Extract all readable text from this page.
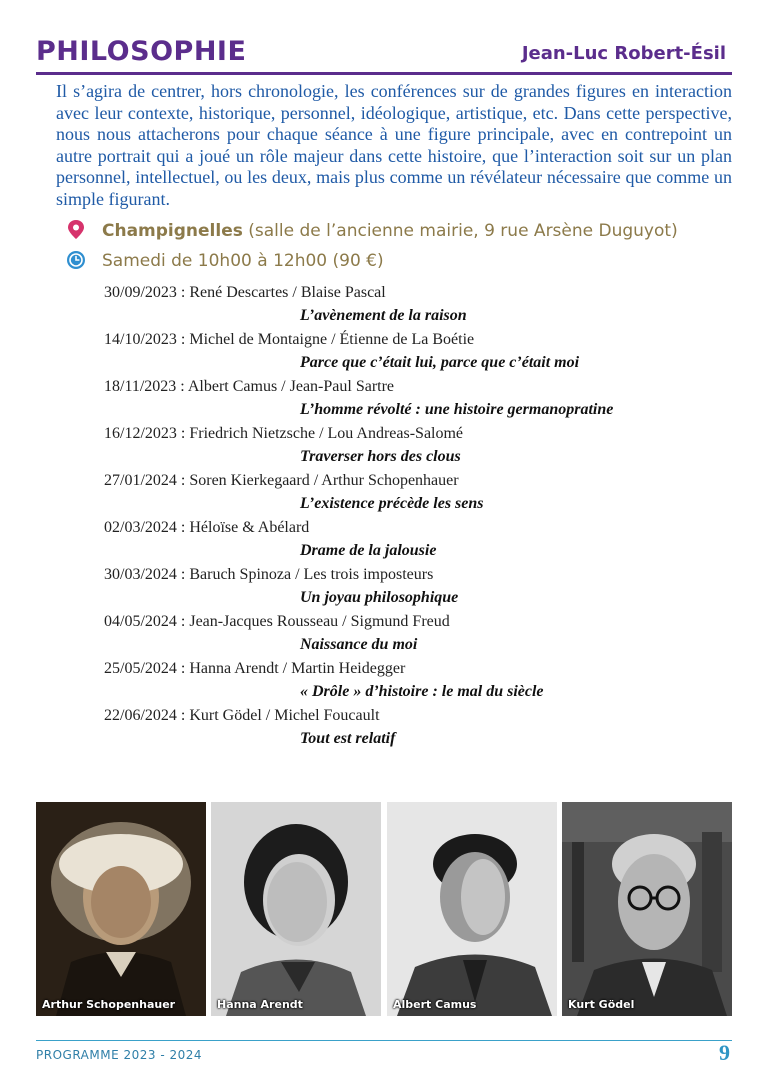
PHILOSOPHIE	Jean-Luc Robert-Ésil

Il s’agira de centrer, hors chronologie, les conférences sur de grandes figures en interaction avec leur contexte, historique, personnel, idéologique, artistique, etc. Dans cette perspective, nous nous attacherons pour chaque séance à une figure principale, avec en contrepoint un autre portrait qui a joué un rôle majeur dans cette histoire, que l’interaction soit sur un plan personnel, intellectuel, ou les deux, mais plus comme un révélateur nécessaire que comme un simple figurant.

Champignelles (salle de l’ancienne mairie, 9 rue Arsène Duguyot)
Samedi de 10h00 à 12h00 (90 €)
30/09/2023 : René Descartes / Blaise Pascal
L’avènement de la raison
14/10/2023 : Michel de Montaigne / Étienne de La Boétie
Parce que c’était lui, parce que c’était moi
18/11/2023 : Albert Camus / Jean-Paul Sartre
L’homme révolté : une histoire germanopratine
16/12/2023 : Friedrich Nietzsche / Lou Andreas-Salomé
Traverser hors des clous
27/01/2024 : Soren Kierkegaard / Arthur Schopenhauer
L’existence précède les sens
02/03/2024 : Héloïse & Abélard
Drame de la jalousie
30/03/2024 : Baruch Spinoza / Les trois imposteurs
Un joyau philosophique
04/05/2024 : Jean-Jacques Rousseau / Sigmund Freud
Naissance du moi
25/05/2024 : Hanna Arendt / Martin Heidegger
« Drôle » d’histoire : le mal du siècle
22/06/2024 : Kurt Gödel / Michel Foucault
Tout est relatif
Arthur Schopenhauer	Hanna Arendt	Albert Camus	Kurt Gödel
PROGRAMME 2023 - 2024	9
